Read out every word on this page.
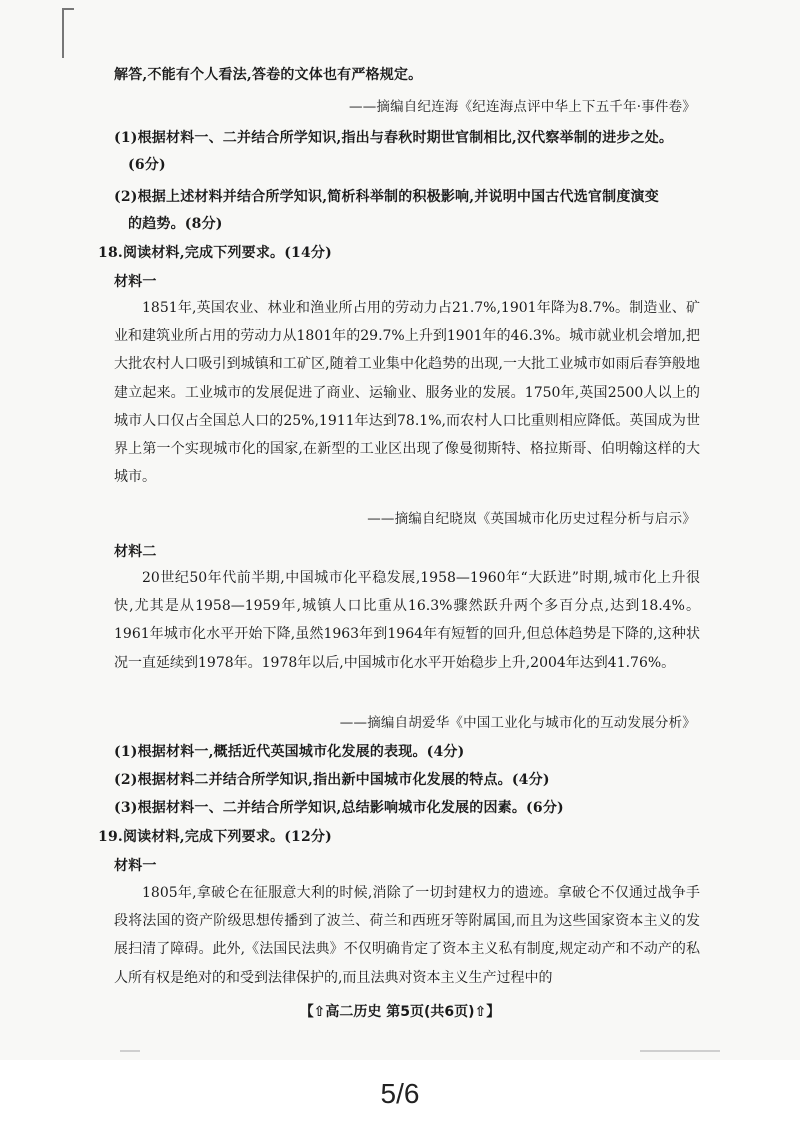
解答,不能有个人看法,答卷的文体也有严格规定。
——摘编自纪连海《纪连海点评中华上下五千年·事件卷》
(1)根据材料一、二并结合所学知识,指出与春秋时期世官制相比,汉代察举制的进步之处。
(6分)
(2)根据上述材料并结合所学知识,简析科举制的积极影响,并说明中国古代选官制度演变
的趋势。(8分)
18.阅读材料,完成下列要求。(14分)
材料一
1851年,英国农业、林业和渔业所占用的劳动力占21.7%,1901年降为8.7%。制造业、矿业和建筑业所占用的劳动力从1801年的29.7%上升到1901年的46.3%。城市就业机会增加,把大批农村人口吸引到城镇和工矿区,随着工业集中化趋势的出现,一大批工业城市如雨后春笋般地建立起来。工业城市的发展促进了商业、运输业、服务业的发展。1750年,英国2500人以上的城市人口仅占全国总人口的25%,1911年达到78.1%,而农村人口比重则相应降低。英国成为世界上第一个实现城市化的国家,在新型的工业区出现了像曼彻斯特、格拉斯哥、伯明翰这样的大城市。
——摘编自纪晓岚《英国城市化历史过程分析与启示》
材料二
20世纪50年代前半期,中国城市化平稳发展,1958—1960年“大跃进”时期,城市化上升很快,尤其是从1958—1959年,城镇人口比重从16.3%骤然跃升两个多百分点,达到18.4%。1961年城市化水平开始下降,虽然1963年到1964年有短暂的回升,但总体趋势是下降的,这种状况一直延续到1978年。1978年以后,中国城市化水平开始稳步上升,2004年达到41.76%。
——摘编自胡爱华《中国工业化与城市化的互动发展分析》
(1)根据材料一,概括近代英国城市化发展的表现。(4分)
(2)根据材料二并结合所学知识,指出新中国城市化发展的特点。(4分)
(3)根据材料一、二并结合所学知识,总结影响城市化发展的因素。(6分)
19.阅读材料,完成下列要求。(12分)
材料一
1805年,拿破仑在征服意大利的时候,消除了一切封建权力的遗迹。拿破仑不仅通过战争手段将法国的资产阶级思想传播到了波兰、荷兰和西班牙等附属国,而且为这些国家资本主义的发展扫清了障碍。此外,《法国民法典》不仅明确肯定了资本主义私有制度,规定动产和不动产的私人所有权是绝对的和受到法律保护的,而且法典对资本主义生产过程中的
【⇧高二历史 第5页(共6页)⇧】
5/6
